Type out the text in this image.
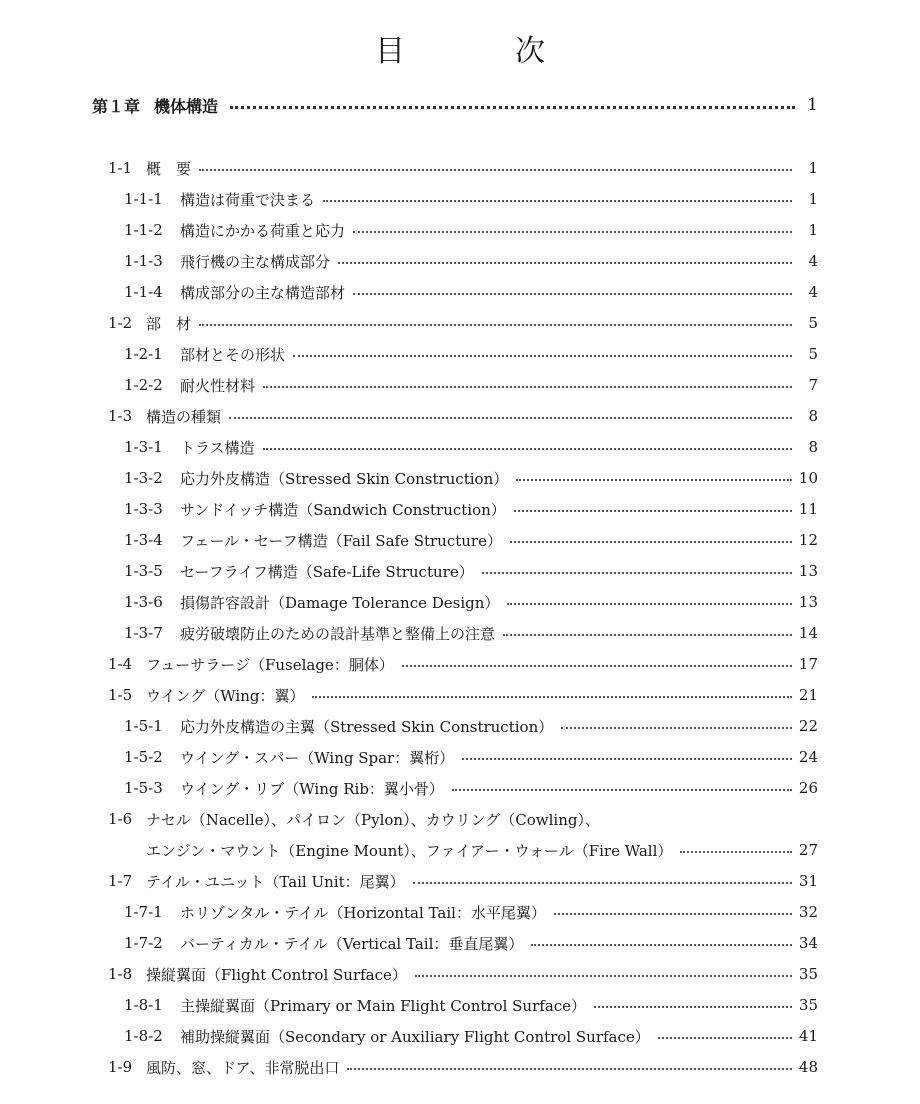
目	次
第１章 機体構造	1
1-1 概　要	1
1-1-1	構造は荷重で決まる	1
1-1-2	構造にかかる荷重と応力	1
1-1-3	飛行機の主な構成部分	4
1-1-4	構成部分の主な構造部材	4
1-2 部　材	5
1-2-1	部材とその形状	5
1-2-2	耐火性材料	7
1-3 構造の種類	8
1-3-1	トラス構造	8
1-3-2	応力外皮構造（Stressed Skin Construction）	10
1-3-3	サンドイッチ構造（Sandwich Construction）	11
1-3-4	フェール・セーフ構造（Fail Safe Structure）	12
1-3-5	セーフライフ構造（Safe-Life Structure）	13
1-3-6	損傷許容設計（Damage Tolerance Design）	13
1-3-7	疲労破壊防止のための設計基準と整備上の注意	14
1-4 フューサラージ（Fuselage：胴体）	17
1-5 ウイング（Wing：翼）	21
1-5-1	応力外皮構造の主翼（Stressed Skin Construction）	22
1-5-2	ウイング・スパー（Wing Spar：翼桁）	24
1-5-3	ウイング・リブ（Wing Rib：翼小骨）	26
1-6 ナセル（Nacelle）、パイロン（Pylon）、カウリング（Cowling）、
エンジン・マウント（Engine Mount）、ファイアー・ウォール（Fire Wall）	27
1-7 テイル・ユニット（Tail Unit：尾翼）	31
1-7-1	ホリゾンタル・テイル（Horizontal Tail：水平尾翼）	32
1-7-2	バーティカル・テイル（Vertical Tail：垂直尾翼）	34
1-8 操縦翼面（Flight Control Surface）	35
1-8-1	主操縦翼面（Primary or Main Flight Control Surface）	35
1-8-2	補助操縦翼面（Secondary or Auxiliary Flight Control Surface）	41
1-9 風防、窓、ドア、非常脱出口	48
